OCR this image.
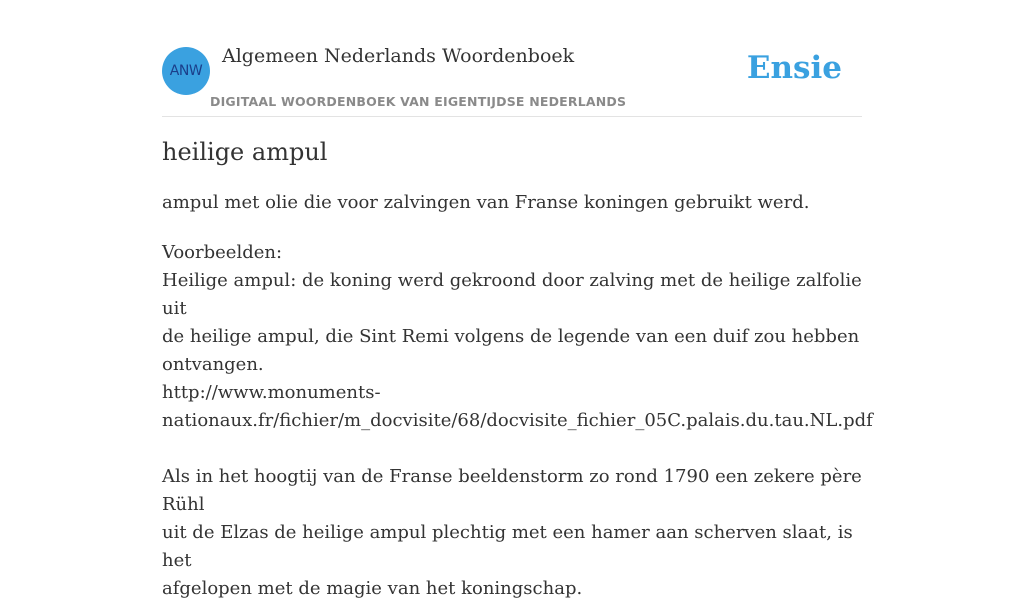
ANW
Algemeen Nederlands Woordenboek
DIGITAAL WOORDENBOEK VAN EIGENTIJDSE NEDERLANDS
Ensie
heilige ampul

ampul met olie die voor zalvingen van Franse koningen gebruikt werd.

Voorbeelden:
Heilige ampul: de koning werd gekroond door zalving met de heilige zalfolie uit
de heilige ampul, die Sint Remi volgens de legende van een duif zou hebben
ontvangen.
http://www.monuments-
nationaux.fr/fichier/m_docvisite/68/docvisite_fichier_05C.palais.du.tau.NL.pdf
Als in het hoogtij van de Franse beeldenstorm zo rond 1790 een zekere père Rühl
uit de Elzas de heilige ampul plechtig met een hamer aan scherven slaat, is het
afgelopen met de magie van het koningschap.
